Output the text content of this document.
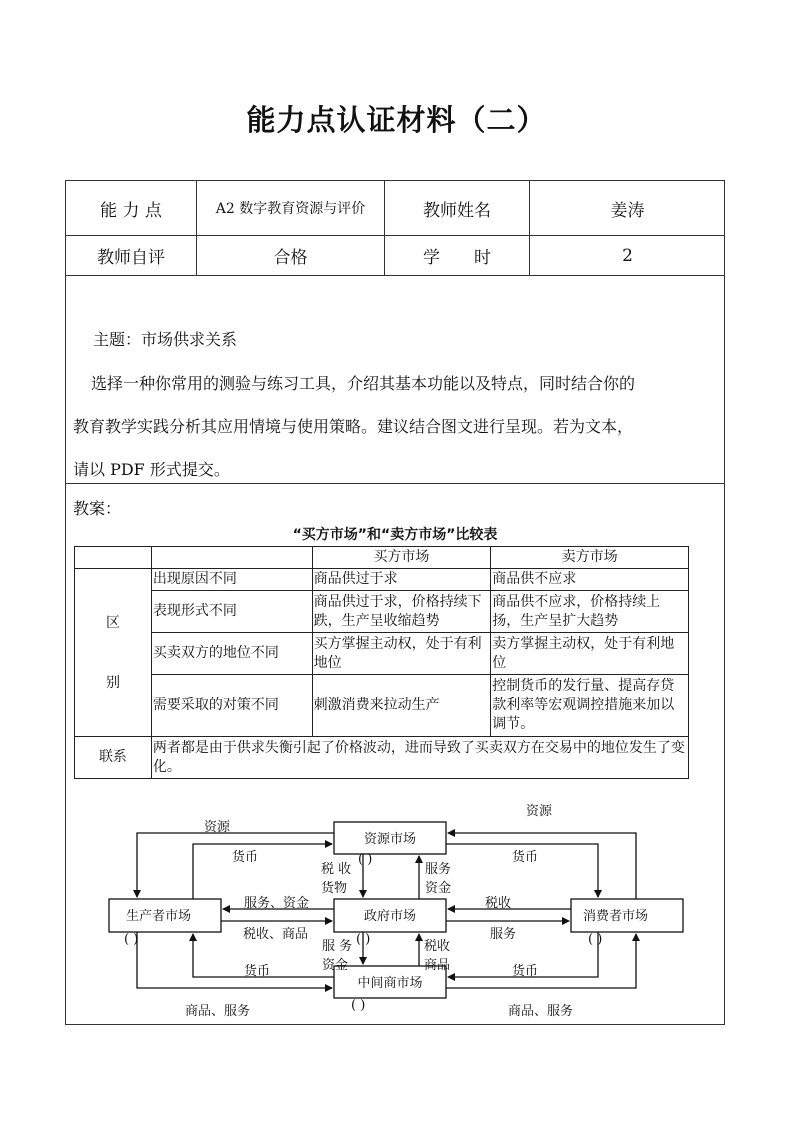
能力点认证材料（二）
能 力 点	A2 数字教育资源与评价	教师姓名	姜涛
教师自评	合格	学　　时	2

主题：市场供求关系

选择一种你常用的测验与练习工具，介绍其基本功能以及特点，同时结合你的

教育教学实践分析其应用情境与使用策略。建议结合图文进行呈现。若为文本，

请以 PDF 形式提交。

教案：

“买方市场”和“卖方市场”比较表
		买方市场	卖方市场

区

别	出现原因不同	商品供过于求	商品供不应求
	表现形式不同	商品供过于求，价格持续下跌，生产呈收缩趋势	商品供不应求，价格持续上扬，生产呈扩大趋势
	买卖双方的地位不同	买方掌握主动权，处于有利地位	卖方掌握主动权，处于有利地位
	需要采取的对策不同	刺激消费来拉动生产	控制货币的发行量、提高存贷款利率等宏观调控措施来加以调节。
联系	两者都是由于供求失衡引起了价格波动，进而导致了买卖双方在交易中的地位发生了变化。		
资源市场
生产者市场	政府市场	消费者市场
中间商市场
资源
货币
资源
货币
税 收
货物
服务
资金
服务、资金
税收、商品
税收
服务
服 务
资金
税收
商品
货币
商品、服务
货币
商品、服务
( )	( )	( )
( )
( )
